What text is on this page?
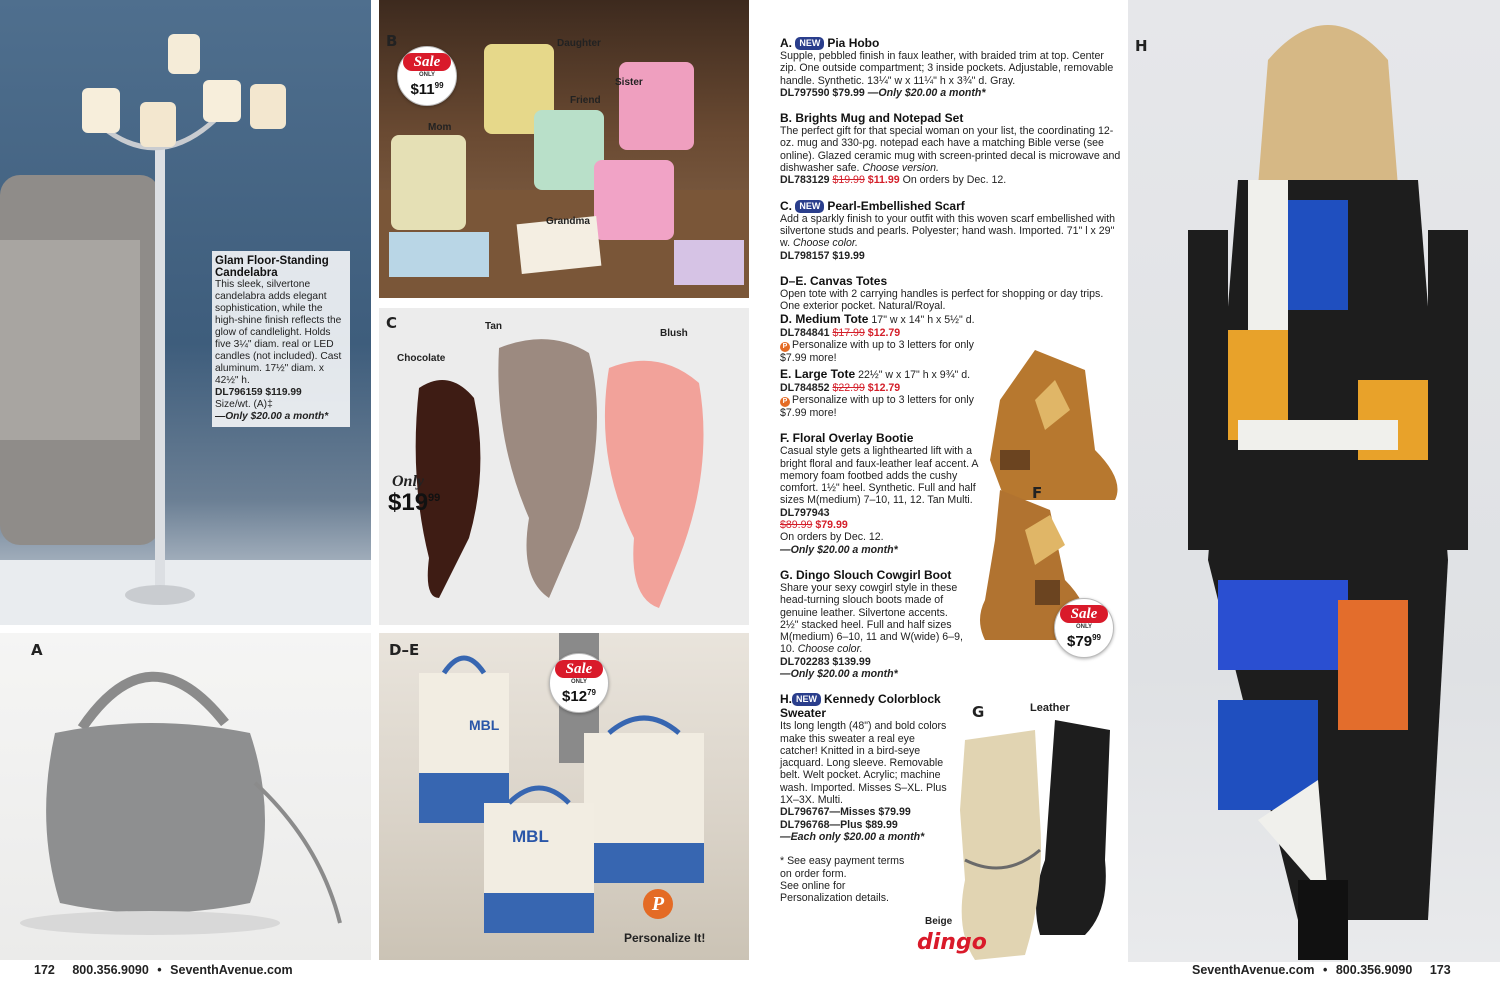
Glam Floor-Standing Candelabra
This sleek, silvertone candelabra adds elegant sophistication, while the high-shine finish reflects the glow of candlelight. Holds five 3¼" diam. real or LED candles (not included). Cast aluminum. 17½" diam. x 42½" h.
DL796159 $119.99
Size/wt. (A)‡
—Only $20.00 a month*
B	Daughter
Sister
Friend
Mom
Grandma
Sale
ONLY
$\$11^{99}$
C	Tan
Blush
Chocolate
Only
$\$19^{99}$
A	D–E
MBL
MBL
P
Personalize It!
Sale
ONLY
$\$12^{79}$
A. NEW Pia Hobo
Supple, pebbled finish in faux leather, with braided trim at top. Center zip. One outside compartment; 3 inside pockets. Adjustable, removable handle. Synthetic. 13¼" w x 11¼" h x 3¾" d. Gray.
DL797590 $79.99 —Only $20.00 a month*
B. Brights Mug and Notepad Set
The perfect gift for that special woman on your list, the coordinating 12-oz. mug and 330-pg. notepad each have a matching Bible verse (see online). Glazed ceramic mug with screen-printed decal is microwave and dishwasher safe. Choose version.
DL783129 $19.99 $11.99 On orders by Dec. 12.
C. NEW Pearl-Embellished Scarf
Add a sparkly finish to your outfit with this woven scarf embellished with silvertone studs and pearls. Polyester; hand wash. Imported. 71" l x 29" w. Choose color.
DL798157 $19.99
D–E. Canvas Totes
Open tote with 2 carrying handles is perfect for shopping or day trips. One exterior pocket. Natural/Royal.
D. Medium Tote 17" w x 14" h x 5½" d.
DL784841 $17.99 $12.79
P Personalize with up to 3 letters for only $7.99 more!
E. Large Tote 22½" w x 17" h x 9¾" d.
DL784852 $22.99 $12.79
P Personalize with up to 3 letters for only $7.99 more!
F. Floral Overlay Bootie
Casual style gets a lighthearted lift with a bright floral and faux-leather leaf accent. A memory foam footbed adds the cushy comfort. 1½" heel. Synthetic. Full and half sizes M(medium) 7–10, 11, 12. Tan Multi.
DL797943
$89.99 $79.99
On orders by Dec. 12.
—Only $20.00 a month*
G. Dingo Slouch Cowgirl Boot
Share your sexy cowgirl style in these head-turning slouch boots made of genuine leather. Silvertone accents. 2½" stacked heel. Full and half sizes M(medium) 6–10, 11 and W(wide) 6–9, 10. Choose color.
DL702283 $139.99
—Only $20.00 a month*
H. NEW Kennedy Colorblock Sweater
Its long length (48") and bold colors make this sweater a real eye catcher! Knitted in a bird-seye jacquard. Long sleeve. Removable belt. Welt pocket. Acrylic; machine wash. Imported. Misses S–XL. Plus 1X–3X. Multi.
DL796767—Misses $79.99
DL796768—Plus $89.99
—Each only $20.00 a month*
* See easy payment terms on order form.
See online for Personalization details.
F
Sale
ONLY
$\$79^{99}$
G	Leather
Beige
dingo
H
172 800.356.9090 • SeventhAvenue.com	SeventhAvenue.com • 800.356.9090 173
